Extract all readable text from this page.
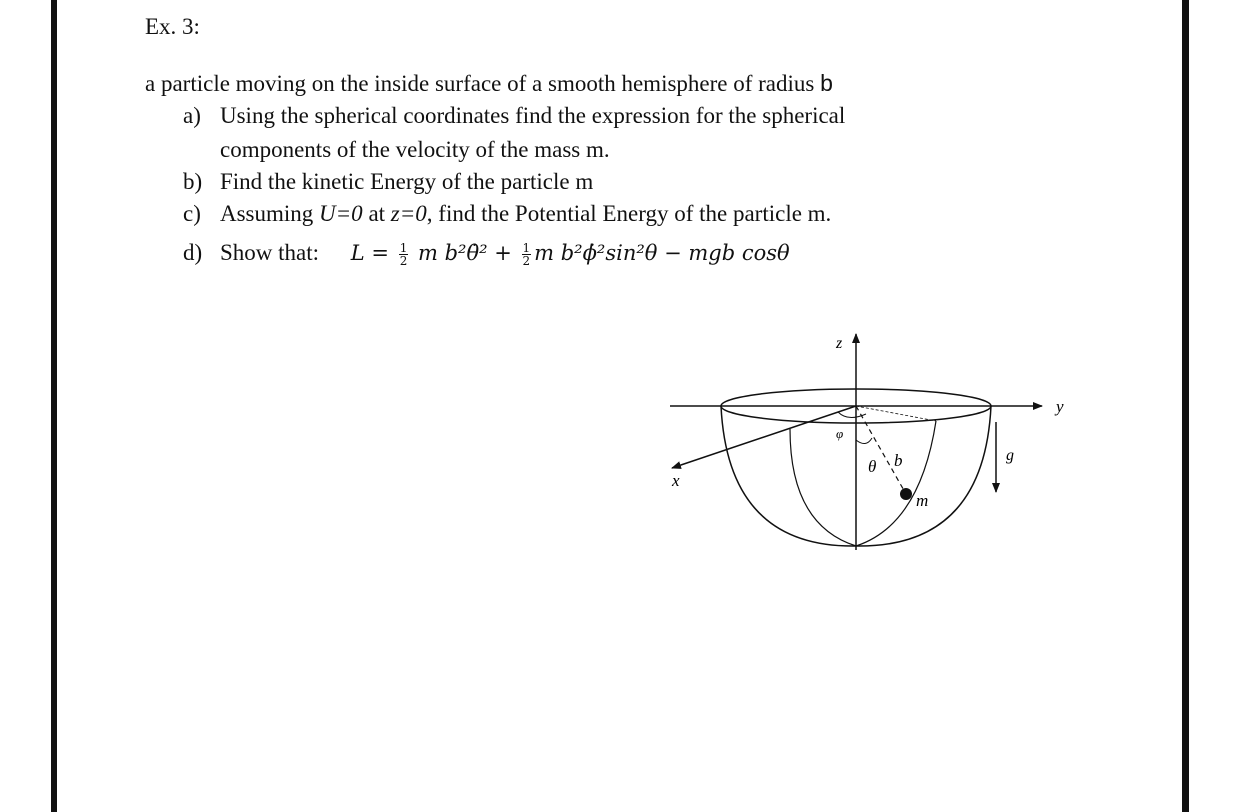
Ex. 3:
a particle moving on the inside surface of a smooth hemisphere of radius b
a) Using the spherical coordinates find the expression for the spherical
components of the velocity of the mass m.
b) Find the kinetic Energy of the particle m
c) Assuming U=0 at z=0, find the Potential Energy of the particle m.
d) Show that: $L = \frac{1}{2}$ m b²θ̇² + $\frac{1}{2}$ m b²ϕ̇²sin²θ − mgb cosθ
z
y
x
g
φ
θ b
m
